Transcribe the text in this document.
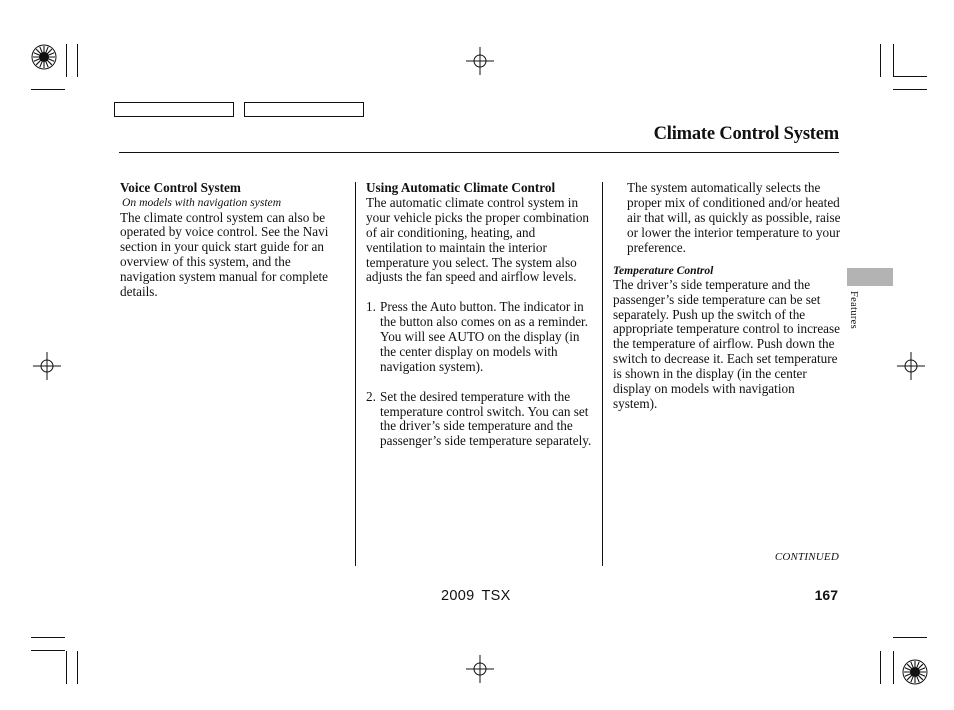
Climate Control System

Voice Control System

On models with navigation system

The climate control system can also be operated by voice control. See the Navi section in your quick start guide for an overview of this system, and the navigation system manual for complete details.

Using Automatic Climate Control

The automatic climate control system in your vehicle picks the proper combination of air conditioning, heating, and ventilation to maintain the interior temperature you select. The system also adjusts the fan speed and airflow levels.

1. Press the Auto button. The indicator in the button also comes on as a reminder. You will see AUTO on the display (in the center display on models with navigation system).

2. Set the desired temperature with the temperature control switch. You can set the driver’s side temperature and the passenger’s side temperature separately.

The system automatically selects the proper mix of conditioned and/or heated air that will, as quickly as possible, raise or lower the interior temperature to your preference.

Temperature Control

The driver’s side temperature and the passenger’s side temperature can be set separately. Push up the switch of the appropriate temperature control to increase the temperature of airflow. Push down the switch to decrease it. Each set temperature is shown in the display (in the center display on models with navigation system).

Features
CONTINUED
2009 TSX	167
